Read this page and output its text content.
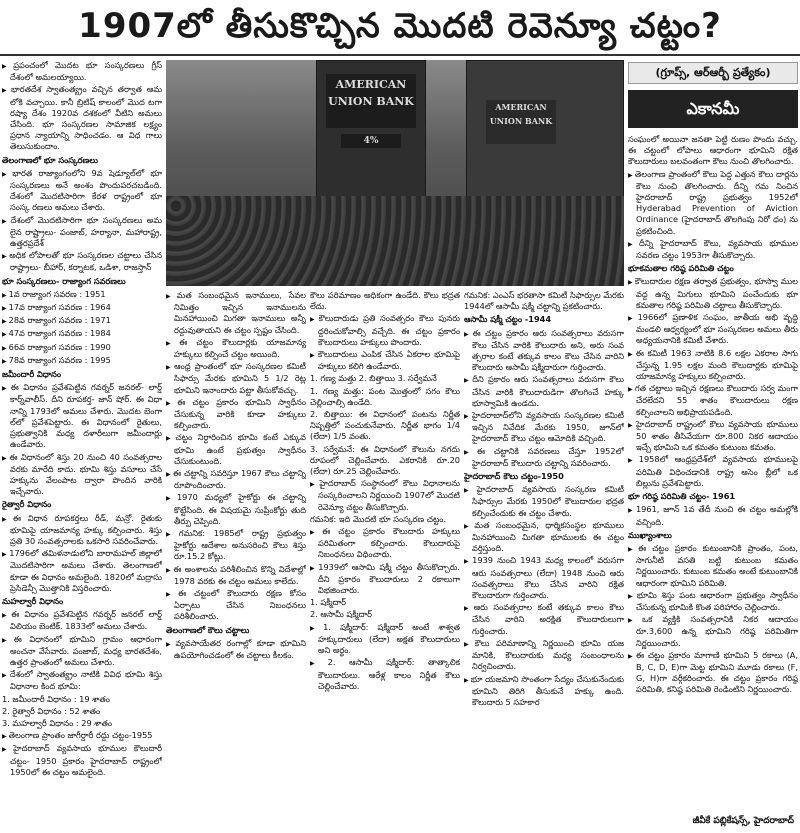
1907లో తీసుకొచ్చిన మొదటి రెవెన్యూ చట్టం?

▶ ప్రపంచంలో మొదట భూ సంస్కరణలు గ్రీస్ దేశంలో అమలయ్యాయి.

▶ భారతదేశ స్వాతంత్య్రం వచ్చిన తర్వాత ఆమ లోకి వచ్చాయి. కానీ బ్రిటిష్ కాలంలో మొద టగా రష్యా దేశం 1920వ దశకంలో వీటిని అమలు చేసింది. భూ సంస్కరణల సామాజిక లక్ష్యం ప్రధాన న్యాయాన్ని సాధించడం. ఆ విధ గాలు తెలుసుకుందాం.

తెలంగాణలో భూ సంస్కరణలు

▶ భారత రాజ్యాంగంలోని 9వ షెడ్యూల్‌లో భూ సంస్కరణలు అనే అంశం పొందుపరచబడింది. దేశంలో మొదటిసారిగా కేరళ రాష్ట్రంలో భూ సంస్క రణలు అమలు చేశారు.

▶ దేశంలో మొదటిసారిగా భూ సంస్కరణలు అమ లైన రాష్ట్రాలు- పంజాబ్, హర్యానా, మహారాష్ట్ర, ఉత్తరప్రదేశ్

▶ అధిక లోపాలతో భూ సంస్కరణల చట్టాలు చేసిన రాష్ట్రాలు- బీహార్, కర్నాటక, ఒడిశా, రాజస్తాన్

భూ సంస్కరణలు- రాజ్యాంగ సవరణలు

▶ 1వ రాజ్యాంగ సవరణ : 1951

▶ 17వ రాజ్యాంగ సవరణ : 1964

▶ 28వ రాజ్యాంగ సవరణ : 1971

▶ 47వ రాజ్యాంగ సవరణ : 1984

▶ 66వ రాజ్యాంగ సవరణ : 1990

▶ 78వ రాజ్యాంగ సవరణ : 1995

జమీందారీ విధానం

▶ ఈ విధానం ప్రవేశపెట్టిన గవర్నర్ జనరల్- లార్డ్ కార్న్‌వాలీస్. దీని రూపకర్త- జాన్ షోర్. ఈ విధా నాన్ని 1793లో అమలు చేశారు. మొదట బెంగా ల్‌లో ప్రవేశపెట్టారు. ఈ విధానంలో రైతులు, ప్రభుత్వానికి మధ్య దళారీలుగా జమీందార్లు ఉండేవారు.

▶ ఈ విధానంలో శిస్తు 20 నుంచి 40 సంవత్సరాల వరకు మారేది కాదు. భూమి శిస్తు వసూలు చేసే హక్కును వేలంపాట ద్వారా పొందిన వారికి ఇచ్చేవారు.

రైత్వారీ విధానం

▶ ఈ విధాన రూపకర్తలు రీడ్, మన్రో. రైతుకు భూమిపై యాజమాన్య హక్కు కల్పించారు. శిస్తు ప్రతి 30 సంవత్సరాలకు ఒకసారి సవరించేవారు.

▶ 1796లో తమిళనాడులోని బారామహల్ జిల్లాలో మొదటిసారిగా అమలు చేశారు. తెలంగాణలో కూడా ఈ విధానం అమలైంది. 1820లో మద్రాసు ప్రెసిడెన్సీ మొత్తానికి విస్తరించారు.

మహల్వారీ విధానం

▶ ఈ విధానం ప్రవేశపెట్టిన గవర్నర్ జనరల్ లార్డ్ విలియం బెంటిక్. 1833లో అమలు చేశారు.

▶ ఈ విధానంలో భూమిని గ్రామం ఆధారంగా అంచనా వేసేవారు. పంజాబ్, మధ్య భారతదేశం, ఉత్తర ప్రాంతంలో అమలు చేశారు.

▶ దేశంలో స్వాతంత్య్రం నాటికి వివిధ భూమి శిస్తు విధానాల కింద భూమి:

1. జమీందారీ విధానం : 19 శాతం

2. రైత్వారీ విధానం : 52 శాతం

3. మహల్వారీ విధానం : 29 శాతం

▶ తెలంగాణ ప్రాంతం జాగీర్దారీ రద్దు చట్టం-1955

▶ హైదరాబాద్ వ్యవసాయ భూముల కౌలుదారీ చట్టం- 1950 ప్రకారం హైదరాబాద్ రాష్ట్రంలో 1950లో ఈ చట్టం అమలైంది.

AMERICAN UNION BANK
4%
AMERICAN UNION BANK

▶ మత సంబంధమైన ఇనాములు, సేవల నిమిత్తం ఇచ్చిన ఇనాములను మినహాయించి మిగతా ఇనాములు అన్నీ రద్దువుతాయని ఈ చట్టం స్పష్టం చేసింది.

▶ ఈ చట్టం కౌలుదార్లకు యాజమాన్య హక్కులు కల్పించే చట్టం అయింది.

▶ ఆంధ్ర ప్రాంతంలో భూ సంస్కరణల కమిటీ సిఫార్సు మేరకు భూమిని 5 1/2 రెట్ల భూమిని ఇనాందారు పట్టా తీసుకోవచ్చు.

▶ ఈ చట్టం ప్రకారం భూమిని స్వాధీనం చేసుకున్న వారికి కూడా హక్కులు కల్పించారు.

▶ చట్టం నిర్ధారించిన భూమి కంటే ఎక్కువ భూమి ఉంటే ప్రభుత్వం స్వాధీనం చేసుకుంటుంది.

▶ ఈ చట్టాన్ని సవరిస్తూ 1967 కౌలు చట్టాన్ని రూపొందించారు.

▶ 1970 మధ్యలో హైకోర్టు ఈ చట్టాన్ని కొట్టేసింది. ఈ విషయమై సుప్రీంకోర్టు తుది తీర్పు చెప్పింది.

▶ గమనిక: 1985లో రాష్ట్ర ప్రభుత్వం హైకోర్టు ఆదేశాల అనుసరించి కౌలు శిస్తు రూ.15.2 కోట్లు.

▶ ఈ అంశాలను పరిశీలించిన కొన్ని విదేశాల్లో 1978 వరకు ఈ చట్టం అమలు కాలేదు.

▶ ఈ చట్టంలో కౌలుదారు రక్షణ కోసం ఏర్పాటు చేసిన నిబంధనలు పరిశీలించారు.

తెలంగాణలో కౌలు చట్టాలు

▶ వ్యవసాయేతర రంగాల్లో కూడా భూమిని ఉపయోగించడంలో ఈ చట్టాలు కీలకం.

కౌలు పరిమాణం అధికంగా ఉండేది. కౌలు భద్రత లేదు.

▶ కౌలుదారుడు ప్రతి సంవత్సరం కౌలు పునరు ద్దరించుకోవాల్సి వచ్చేది. ఈ చట్టం ప్రకారం కౌలుదారులు హక్కులు పొందారు.

▶ కౌలుదారులు ఎంపిక చేసిన ఏకరాల భూమిపై హక్కులు కలిగి ఉండేవారు.

1. గణ్య మత్తు 2. బిత్తాయి 3. సర్వేమనే

1. గణ్య మత్తు: పంట మొత్తంలో సగం కౌలు చెల్లించాల్సి ఉండేది.

2. బిత్తాయి: ఈ విధానంలో పంటను నిర్ణీత నిష్పత్తిలో పంచుకునేవారు. నిర్ణీత భాగం 1/4 (లేదా) 1/5 వంతు.

3. సర్వేమనే: ఈ విధానంలో కౌలును నగదు రూపంలో చెల్లించేవారు. ఎకరానికి రూ.20 (లేదా) రూ.25 చెల్లించేవారు.

▶ హైదరాబాద్ సంస్థానంలో కౌలు విధానాలను సంస్కరించాలని నిర్ణయించి 1907లో మొదటి రెవెన్యూ చట్టం తీసుకొచ్చారు.

గమనిక: ఇది మొదటి భూ సంస్కరణ చట్టం.

▶ ఈ చట్టం ప్రకారం కౌలుదారు హక్కులు పరిమితంగా కల్పించారు. కౌలుదారుపై నిబంధనలు విధించారు.

▶ 1939లో ఆసామి షక్మీ చట్టం తీసుకొచ్చారు. దీని ప్రకారం కౌలుదారులు 2 రకాలుగా విభజించారు.

1. షక్మీదార్

2. ఆసామీ షక్మీదార్

▶ 1. షక్మీదార్: షక్మీదార్ అంటే శాశ్వత హక్కుదారులు (లేదా) అక్షత కౌలుదారులు అని అర్థం.

▶ 2. ఆసామీ షక్మీదార్: తాత్కాలిక కౌలుదారులు. ఆరేళ్ల కాలం నిర్ణీత కౌలు చెల్లించేవారు.

గమనిక: ఎంఎస్ భరతాసా కమిటీ సిఫార్సుల మేరకు 1944లో ఆసామీ షక్మీ చట్టాన్ని ప్రకటించారు.

ఆసామీ షక్మీ చట్టం -1944

▶ ఈ చట్టం ప్రకారం ఆరు సంవత్సరాలు వరుసగా కౌలు చేసిన వారికి కౌలుదారు అని, అరు సంవ త్సరాల కంటే తక్కువ కాలం కౌలు చేసిన వారిని కౌలుదారు ఆసామీ షక్మీదారుగా గుర్తించారు.

▶ దీని ప్రకారం ఆరు సంవత్సరాలు వరుసగా కౌలు చేసిన వారికి కౌలుదారుడిగా తొలగించే హక్కు భూస్వామికి ఉండదు.

▶ హైదరాబాద్‌లోని వ్యవసాయ సంస్కరణల కమిటీ ఇచ్చిన నివేదిక మేరకు 1950, జూన్‌లో హైదరాబాద్ కౌలు చట్టం ఆమోదికి వచ్చింది.

▶ ఈ చట్టానికి సవరణలు చేస్తూ 1952లో హైదరాబాద్ కౌలుదారు చట్టాన్ని సవరించారు.

హైదరాబాద్ కౌలు చట్టం-1950

▶ హైదరాబాద్ వ్యవసాయ సంస్కరణ కమిటీ సిఫార్సుల మేరకు 1950లో కౌలుదారుల భద్రత కల్పించేందుకు ఈ చట్టం చేశారు.

▶ మత సంబంధమైన, ధార్మికసంస్థల భూములు మినహాయించి మిగతా భూములకు ఈ చట్టం వర్తిస్తుంది.

▶ 1939 నుంచి 1943 మధ్య కాలంలో వరుసగా ఆరు సంవత్సరాలు (లేదా) 1948 నుంచి ఆరు సంవత్సరాలు కౌలు చేసిన వారిని రక్షిత కౌలుదారుగా గుర్తించారు.

▶ ఆరు సంవత్సరాల కంటే తక్కువ కాలం కౌలు చేసిన వారిని అరక్షిత కౌలుదారులుగా గుర్తించారు.

▶ కౌలు పరిమాణాన్ని నిర్ణయించి భూమి యజ మానికి, కౌలుదారుకు మధ్య సంబంధాలను నిర్వచించారు.

▶ భూ యజమాని సొంతంగా సేద్యం చేసుకునేందుకు భూమిని తిరిగి తీసుకునే హక్కు ఉంది. కౌలుదారు 5 సహకార

(గ్రూప్స్, ఆర్ఆర్బీ ప్రత్యేకం)
ఎకానమీ

సంఘంలో అయినా జనతా పెట్టి రుణం పొందు వచ్చు. ఈ చట్టంలో లోపాలు ఆధారంగా భూమిని రక్షిత కౌలుదారులు బలవంతంగా కౌలు నుంచి తొలగించారు.

▶ తెలంగాణ ప్రాంతంలో కౌలు పెద్ద ఎత్తున కౌలు దార్లను కౌలు నుంచి తొలగించారు. దీన్ని గమ నించిన హైదరాబాద్ రాష్ట్ర ప్రభుత్వం 1952లో Hyderabad Prevention of Aviction Ordinance (హైదరాబాద్ తొలగింపు నిరో ధం) ను ప్రకటించింది.

▶ దీన్ని హైదరాబాద్ కౌలు, వ్యవసాయ భూముల సవరణ చట్టం 1953గా తీసుకొచ్చారు.

భూకమతాల గరిష్ఠ పరిమితి చట్టం

▶ కౌలుదారుల రక్షణ తర్వాత ప్రభుత్వం, భూస్వా ముల వద్ద ఉన్న మిగులు భూమిని పంచేందుకు భూ కమతాల గరిష్ఠ పరిమితి చట్టాలు తీసుకొచ్చారు.

▶ 1966లో ప్రణాళిక సంఘం, జాతీయ అభి వృద్ధి మండలి ఆధ్వర్యంలో భూ సంస్కరణల అమలు తీరు అధ్యయనానికి కమిటీ వేశారు.

▶ ఈ కమిటీ 1963 నాటికి 8.6 లక్షల ఎకరాల సాగు చేస్తున్న 1.95 లక్షల మంది కౌలుదార్లకు భూమిపై యాజమాన్య హక్కులు కల్పించారు.

▶ గత చట్టాలు ఇచ్చిన రక్షణలు కౌలుదారు సర్వ మంగా చేరలేదని 55 శాతం కౌలుదారులు రక్షణ కల్పించాలని అభిప్రాయపడింది.

▶ హైదరాబాద్ రాష్ట్రంలో కౌలు వ్యవసాయ భూములు 50 శాతం తీసివేయగా రూ.800 నికర ఆదాయం ఇచ్చే భూమిని ఒక కమతం కుటుంబ కమతం.

▶ 1958లో ఆంధ్రప్రదేశ్‌లో వ్యవసాయ భూములపై పరిమితి విధించడానికి రాష్ట్ర అసెం బ్లీలో ఒక బిల్లును ప్రవేశపెట్టారు.

భూ గరిష్ఠ పరిమితి చట్టం- 1961

▶ 1961, జూన్ 1వ తేదీ నుంచి ఈ చట్టం అమల్లోకి వచ్చింది.

ముఖ్యాంశాలు

▶ ఈ చట్టం ప్రకారం కుటుంబానికి ప్రాంతం, పంట, సాగునీటి వసతి బట్టి కుటుంబ కమతం నిర్ణయించారు. కుటుంబ కమతం అంటే కుటుంబానికి ఆధారంగా భూమిని పరిమితి.

▶ భూమి శిస్తు పంట ఆధారంగా ప్రభుత్వం స్వాధీనం చేసుకున్న భూమికి కొంత పరిహారం చెల్లించారు.

▶ ఒక వ్యక్తికి సంవత్సరానికి నికర ఆదాయం రూ.3,600 ఉన్న భూమిని గరిష్ఠ పరిమితిగా నిర్ణయించారు.

▶ ఈ చట్టం ప్రకారం మాగాణి భూమిని 5 రకాలు (A, B, C, D, E)గా మెట్ట భూమిని మూడు రకాలు (F, G, H)గా వర్గీకరించారు. ఈ చట్టం ప్రకారం గరిష్ఠ పరిమితి, కనిష్ఠ పరిమితి రెండింటిని నిర్ణయించారు.

జీవీకే పబ్లికేషన్స్, హైదరాబాద్
